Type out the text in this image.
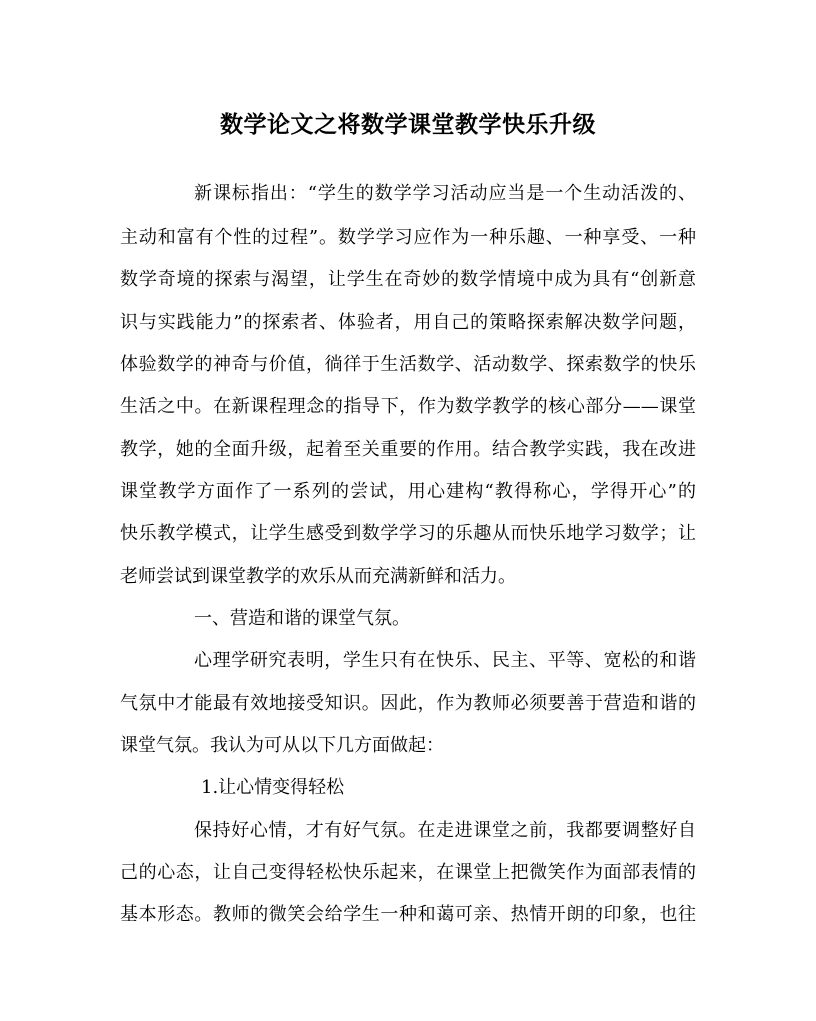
数学论文之将数学课堂教学快乐升级
新课标指出：“学生的数学学习活动应当是一个生动活泼的、
主动和富有个性的过程”。数学学习应作为一种乐趣、一种享受、一种
数学奇境的探索与渴望，让学生在奇妙的数学情境中成为具有“创新意
识与实践能力”的探索者、体验者，用自己的策略探索解决数学问题，
体验数学的神奇与价值，徜徉于生活数学、活动数学、探索数学的快乐
生活之中。在新课程理念的指导下，作为数学教学的核心部分——课堂
教学，她的全面升级，起着至关重要的作用。结合教学实践，我在改进
课堂教学方面作了一系列的尝试，用心建构“教得称心，学得开心”的
快乐教学模式，让学生感受到数学学习的乐趣从而快乐地学习数学；让
老师尝试到课堂教学的欢乐从而充满新鲜和活力。
一、营造和谐的课堂气氛。
心理学研究表明，学生只有在快乐、民主、平等、宽松的和谐
气氛中才能最有效地接受知识。因此，作为教师必须要善于营造和谐的
课堂气氛。我认为可从以下几方面做起：
1.让心情变得轻松
保持好心情，才有好气氛。在走进课堂之前，我都要调整好自
己的心态，让自己变得轻松快乐起来，在课堂上把微笑作为面部表情的
基本形态。教师的微笑会给学生一种和蔼可亲、热情开朗的印象，也往
